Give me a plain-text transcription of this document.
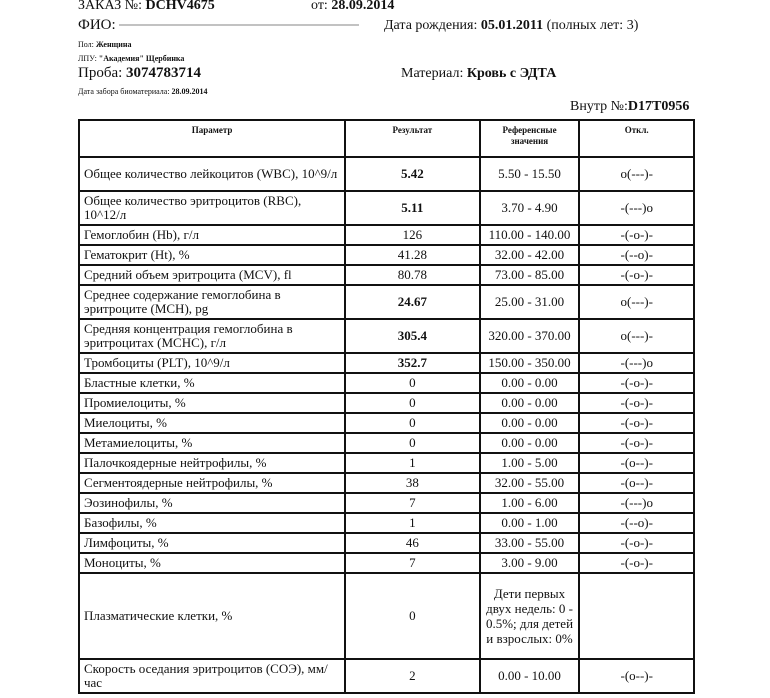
ЗАКАЗ №: DCHV4675	от: 28.09.2014
ФИО:	Дата рождения: 05.01.2011 (полных лет: 3)
Пол: Женщина
ЛПУ: "Академия" Щербинка
Проба: 3074783714	Материал: Кровь с ЭДТА
Дата забора биоматериала: 28.09.2014
Внутр №:D17T0956
Параметр	Результат	Референсные значения	Откл.
Общее количество лейкоцитов (WBC), 10^9/л	5.42	5.50 - 15.50	o(---)-
Общее количество эритроцитов (RBC), 10^12/л	5.11	3.70 - 4.90	-(---)o
Гемоглобин (Hb), г/л	126	110.00 - 140.00	-(-o-)-
Гематокрит (Ht), %	41.28	32.00 - 42.00	-(--o)-
Средний объем эритроцита (MCV), fl	80.78	73.00 - 85.00	-(-o-)-
Среднее содержание гемоглобина в эритроците (MCH), pg	24.67	25.00 - 31.00	o(---)-
Средняя концентрация гемоглобина в эритроцитах (MCHC), г/л	305.4	320.00 - 370.00	o(---)-
Тромбоциты (PLT), 10^9/л	352.7	150.00 - 350.00	-(---)o
Бластные клетки, %	0	0.00 - 0.00	-(-o-)-
Промиелоциты, %	0	0.00 - 0.00	-(-o-)-
Миелоциты, %	0	0.00 - 0.00	-(-o-)-
Метамиелоциты, %	0	0.00 - 0.00	-(-o-)-
Палочкоядерные нейтрофилы, %	1	1.00 - 5.00	-(o--)-
Сегментоядерные нейтрофилы, %	38	32.00 - 55.00	-(o--)-
Эозинофилы, %	7	1.00 - 6.00	-(---)o
Базофилы, %	1	0.00 - 1.00	-(--o)-
Лимфоциты, %	46	33.00 - 55.00	-(-o-)-
Моноциты, %	7	3.00 - 9.00	-(-o-)-
Плазматические клетки, %	0	Дети первых двух недель: 0 - 0.5%; для детей и взрослых: 0%	
Скорость оседания эритроцитов (СОЭ), мм/час	2	0.00 - 10.00	-(o--)-
